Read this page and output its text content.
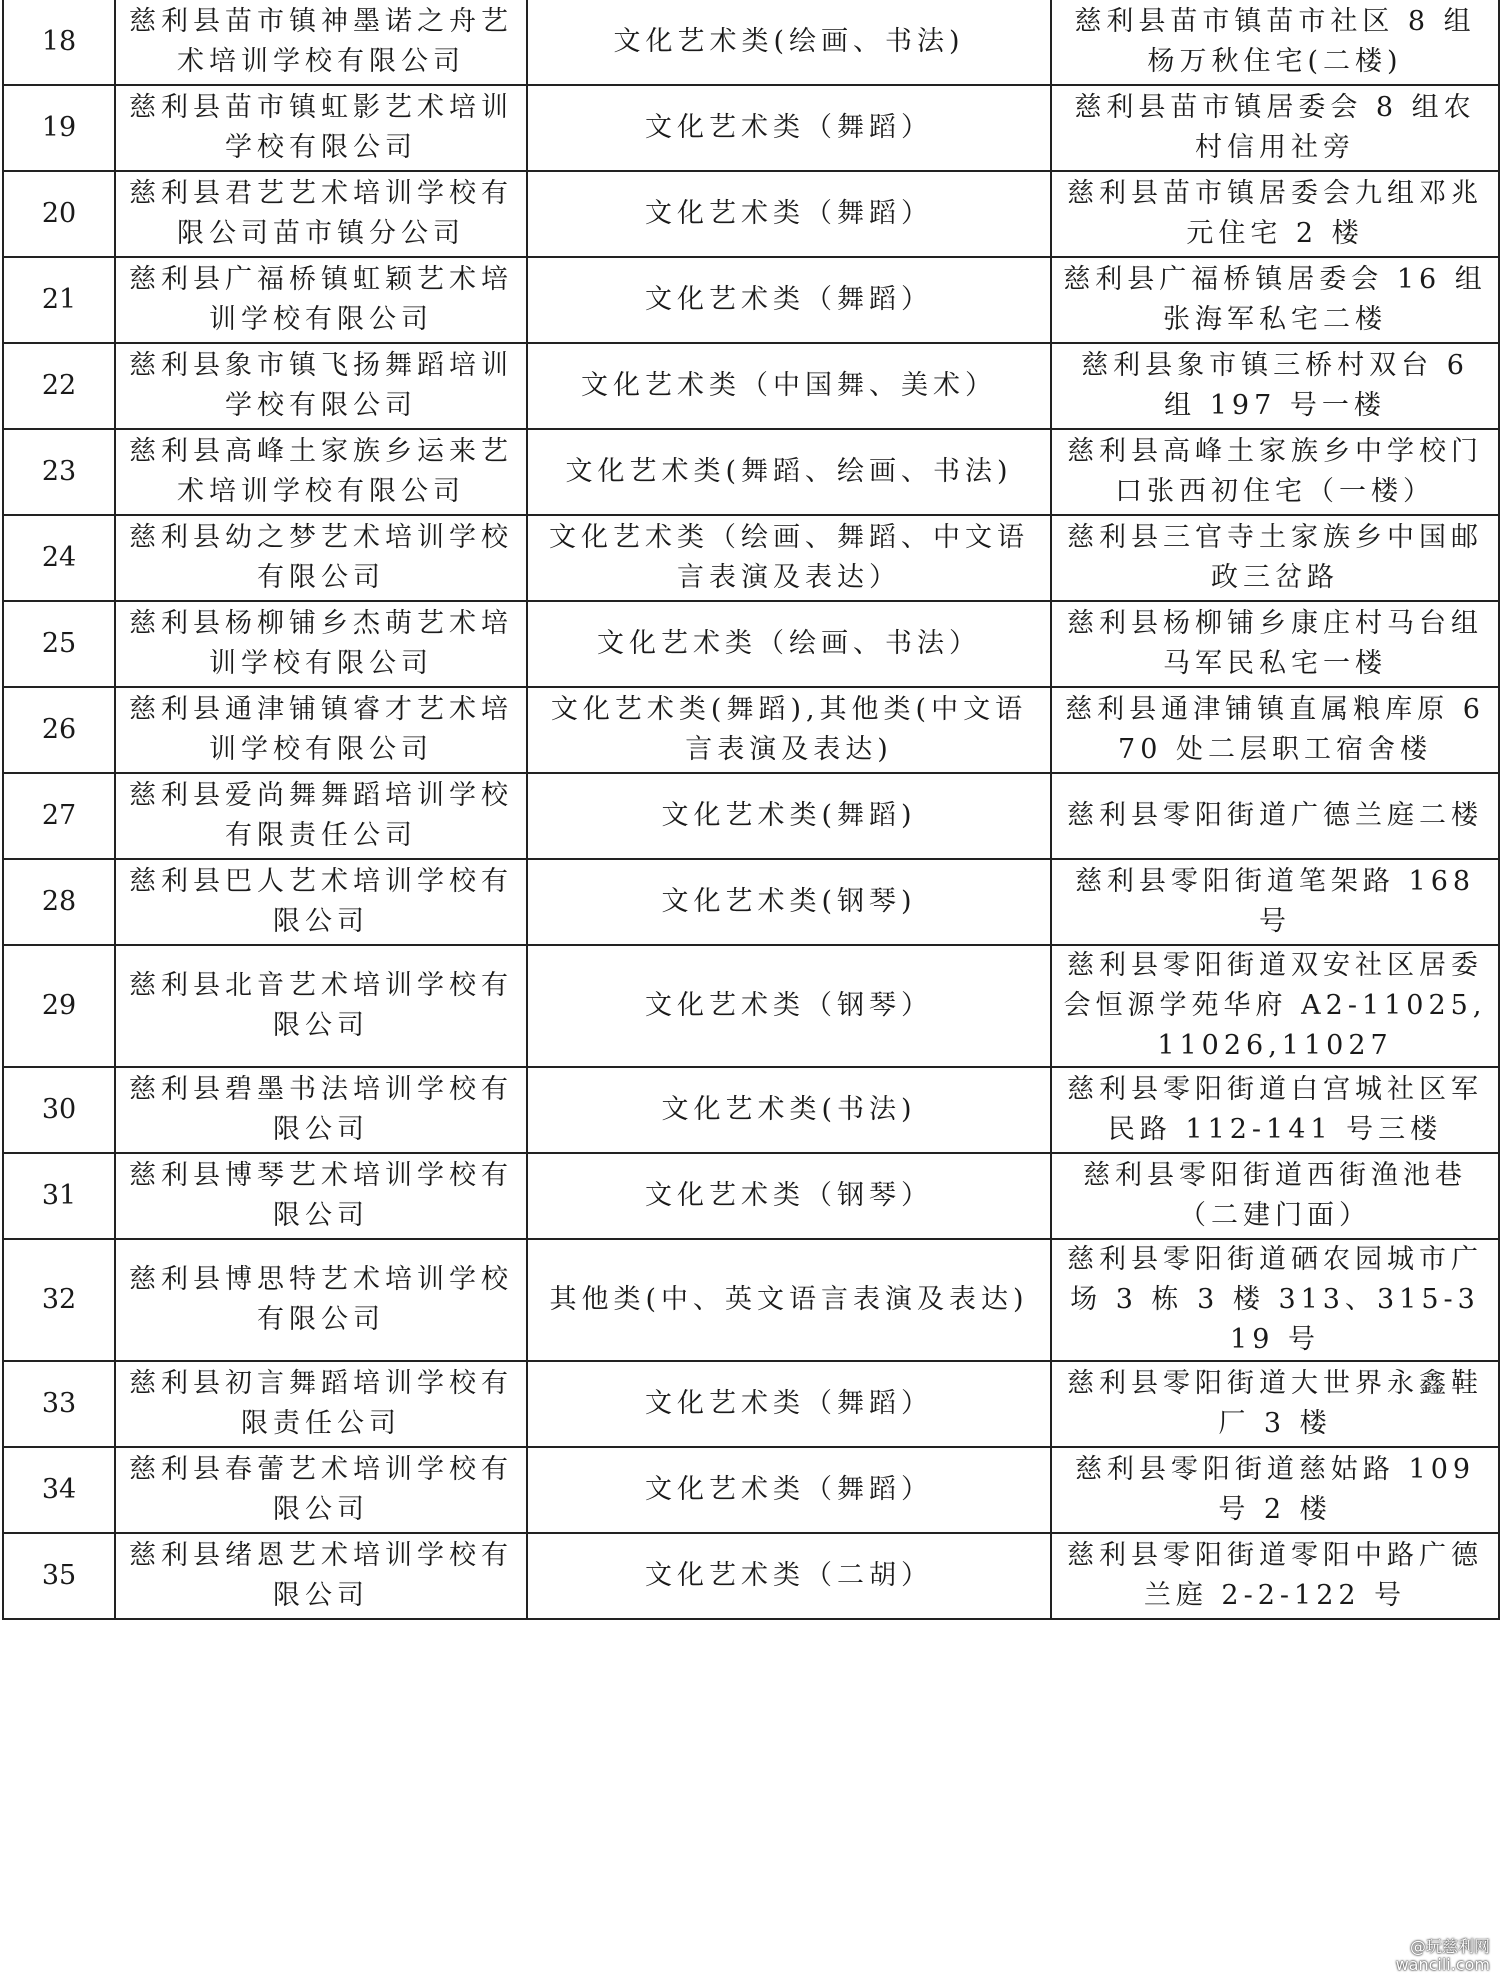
18	慈利县苗市镇神墨诺之舟艺术培训学校有限公司	文化艺术类(绘画、书法)	慈利县苗市镇苗市社区 8 组杨万秋住宅(二楼)
19	慈利县苗市镇虹影艺术培训学校有限公司	文化艺术类（舞蹈）	慈利县苗市镇居委会 8 组农村信用社旁
20	慈利县君艺艺术培训学校有限公司苗市镇分公司	文化艺术类（舞蹈）	慈利县苗市镇居委会九组邓兆元住宅 2 楼
21	慈利县广福桥镇虹颖艺术培训学校有限公司	文化艺术类（舞蹈）	慈利县广福桥镇居委会 16 组张海军私宅二楼
22	慈利县象市镇飞扬舞蹈培训学校有限公司	文化艺术类（中国舞、美术）	慈利县象市镇三桥村双台 6 组 197 号一楼
23	慈利县高峰土家族乡运来艺术培训学校有限公司	文化艺术类(舞蹈、绘画、书法)	慈利县高峰土家族乡中学校门口张西初住宅（一楼）
24	慈利县幼之梦艺术培训学校有限公司	文化艺术类（绘画、舞蹈、中文语言表演及表达）	慈利县三官寺土家族乡中国邮政三岔路
25	慈利县杨柳铺乡杰萌艺术培训学校有限公司	文化艺术类（绘画、书法）	慈利县杨柳铺乡康庄村马台组马军民私宅一楼
26	慈利县通津铺镇睿才艺术培训学校有限公司	文化艺术类(舞蹈),其他类(中文语言表演及表达)	慈利县通津铺镇直属粮库原 670 处二层职工宿舍楼
27	慈利县爱尚舞舞蹈培训学校有限责任公司	文化艺术类(舞蹈)	慈利县零阳街道广德兰庭二楼
28	慈利县巴人艺术培训学校有限公司	文化艺术类(钢琴)	慈利县零阳街道笔架路 168 号
29	慈利县北音艺术培训学校有限公司	文化艺术类（钢琴）	慈利县零阳街道双安社区居委会恒源学苑华府 A2-11025,11026,11027
30	慈利县碧墨书法培训学校有限公司	文化艺术类(书法)	慈利县零阳街道白宫城社区军民路 112-141 号三楼
31	慈利县博琴艺术培训学校有限公司	文化艺术类（钢琴）	慈利县零阳街道西街渔池巷（二建门面）
32	慈利县博思特艺术培训学校有限公司	其他类(中、英文语言表演及表达)	慈利县零阳街道硒农园城市广场 3 栋 3 楼 313、315-319 号
33	慈利县初言舞蹈培训学校有限责任公司	文化艺术类（舞蹈）	慈利县零阳街道大世界永鑫鞋厂 3 楼
34	慈利县春蕾艺术培训学校有限公司	文化艺术类（舞蹈）	慈利县零阳街道慈姑路 109 号 2 楼
35	慈利县绪恩艺术培训学校有限公司	文化艺术类（二胡）	慈利县零阳街道零阳中路广德兰庭 2-2-122 号
@玩慈利网
wancili.com
